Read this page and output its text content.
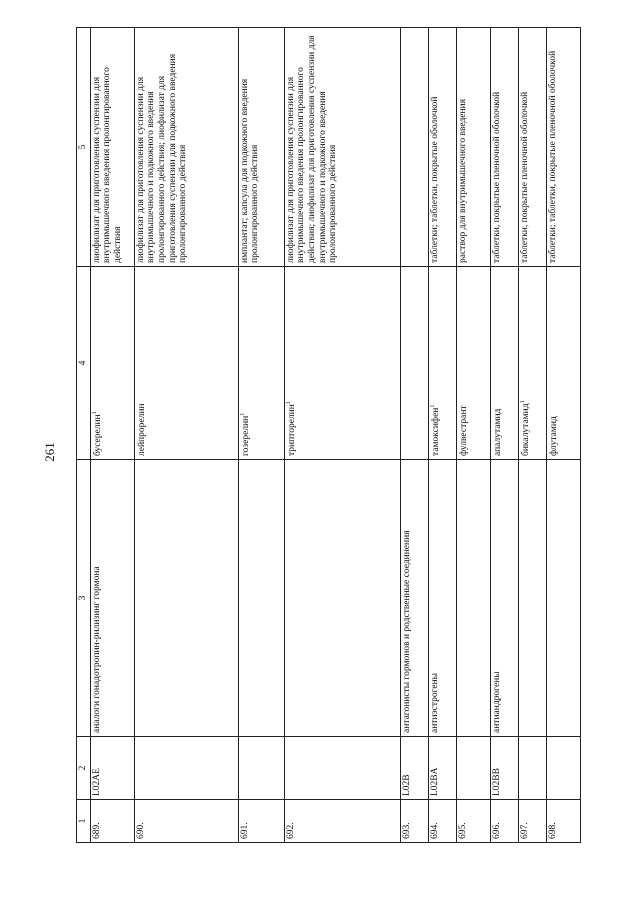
261
1	2	3	4	5
689.	L02AE	аналоги гонадотропин-рилизинг гормона	бусерелин$^1$	лиофилизат для приготовления суспензии для внутримышечного введения пролонгированного действия
690.			лейпрорелин	лиофилизат для приготовления суспензии для внутримышечного и подкожного введения пролонгированного действия; лиофилизат для приготовления суспензии для подкожного введения пролонгированного действия
691.			гозерелин$^1$	имплантат; капсула для подкожного введения пролонгированного действия
692.			трипторелин$^1$	лиофилизат для приготовления суспензии для внутримышечного введения пролонгированного действия; лиофилизат для приготовления суспензии для внутримышечного и подкожного введения пролонгированного действия
693.	L02B	антагонисты гормонов и родственные соединения		
694.	L02BA	антиэстрогены	тамоксифен$^1$	таблетки; таблетки, покрытые оболочкой
695.			фулвестрант	раствор для внутримышечного введения
696.	L02BB	антиандрогены	апалутамид	таблетки, покрытые пленочной оболочкой
697.			бикалутамид$^1$	таблетки, покрытые пленочной оболочкой
698.			флутамид	таблетки; таблетки, покрытые пленочной оболочкой
